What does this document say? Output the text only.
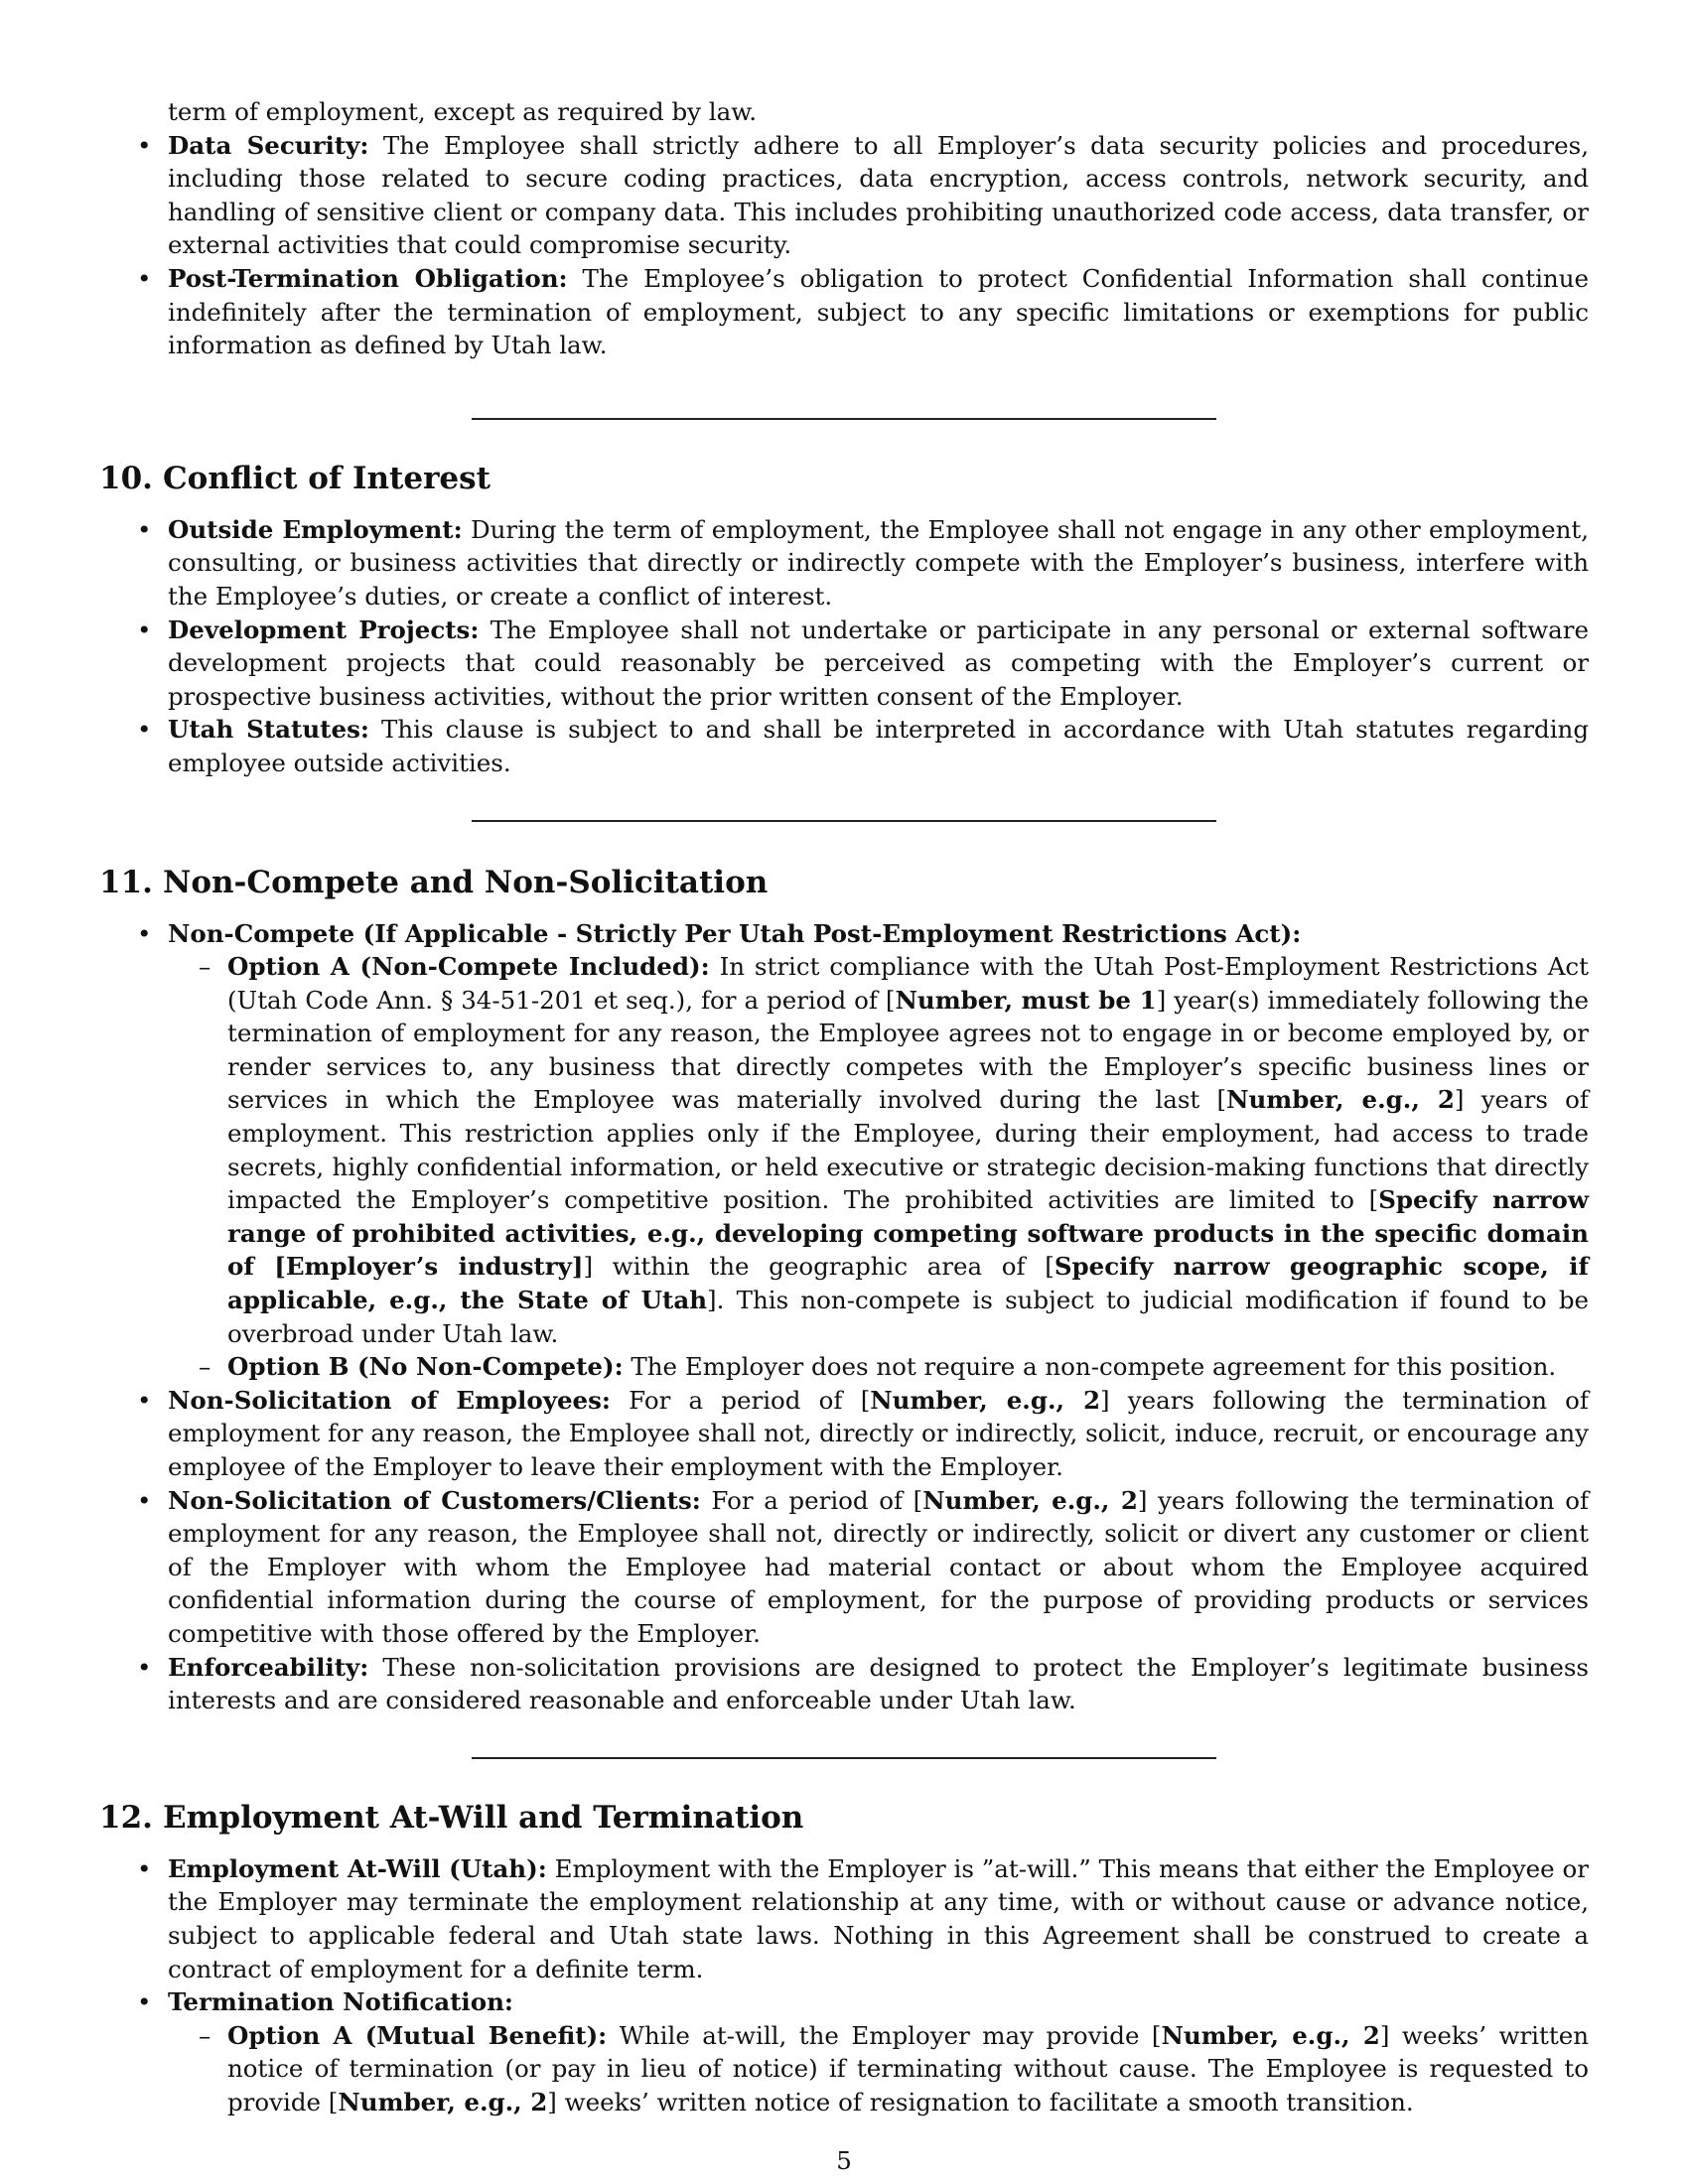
term of employment, except as required by law.
• Data Security: The Employee shall strictly adhere to all Employer’s data security policies and procedures, including those related to secure coding practices, data encryption, access controls, network security, and handling of sensitive client or company data. This includes prohibiting unauthorized code access, data transfer, or external activities that could compromise security.
• Post-Termination Obligation: The Employee’s obligation to protect Confidential Information shall continue indefinitely after the termination of employment, subject to any specific limitations or exemptions for public information as defined by Utah law.
10. Conflict of Interest
• Outside Employment: During the term of employment, the Employee shall not engage in any other employment, consulting, or business activities that directly or indirectly compete with the Employer’s business, interfere with the Employee’s duties, or create a conflict of interest.
• Development Projects: The Employee shall not undertake or participate in any personal or external software development projects that could reasonably be perceived as competing with the Employer’s current or prospective business activities, without the prior written consent of the Employer.
• Utah Statutes: This clause is subject to and shall be interpreted in accordance with Utah statutes regarding employee outside activities.
11. Non-Compete and Non-Solicitation
• Non-Compete (If Applicable - Strictly Per Utah Post-Employment Restrictions Act):
– Option A (Non-Compete Included): In strict compliance with the Utah Post-Employment Restrictions Act (Utah Code Ann. § 34-51-201 et seq.), for a period of [Number, must be 1] year(s) immediately following the termination of employment for any reason, the Employee agrees not to engage in or become employed by, or render services to, any business that directly competes with the Employer’s specific business lines or services in which the Employee was materially involved during the last [Number, e.g., 2] years of employment. This restriction applies only if the Employee, during their employment, had access to trade secrets, highly confidential information, or held executive or strategic decision-making functions that directly impacted the Employer’s competitive position. The prohibited activities are limited to [Specify narrow range of prohibited activities, e.g., developing competing software products in the specific domain of [Employer’s industry]] within the geographic area of [Specify narrow geographic scope, if applicable, e.g., the State of Utah]. This non-compete is subject to judicial modification if found to be overbroad under Utah law.
– Option B (No Non-Compete): The Employer does not require a non-compete agreement for this position.
• Non-Solicitation of Employees: For a period of [Number, e.g., 2] years following the termination of employment for any reason, the Employee shall not, directly or indirectly, solicit, induce, recruit, or encourage any employee of the Employer to leave their employment with the Employer.
• Non-Solicitation of Customers/Clients: For a period of [Number, e.g., 2] years following the termination of employment for any reason, the Employee shall not, directly or indirectly, solicit or divert any customer or client of the Employer with whom the Employee had material contact or about whom the Employee acquired confidential information during the course of employment, for the purpose of providing products or services competitive with those offered by the Employer.
• Enforceability: These non-solicitation provisions are designed to protect the Employer’s legitimate business interests and are considered reasonable and enforceable under Utah law.
12. Employment At-Will and Termination
• Employment At-Will (Utah): Employment with the Employer is ”at-will.” This means that either the Employee or the Employer may terminate the employment relationship at any time, with or without cause or advance notice, subject to applicable federal and Utah state laws. Nothing in this Agreement shall be construed to create a contract of employment for a definite term.
• Termination Notification:
– Option A (Mutual Benefit): While at-will, the Employer may provide [Number, e.g., 2] weeks’ written notice of termination (or pay in lieu of notice) if terminating without cause. The Employee is requested to provide [Number, e.g., 2] weeks’ written notice of resignation to facilitate a smooth transition.
5
